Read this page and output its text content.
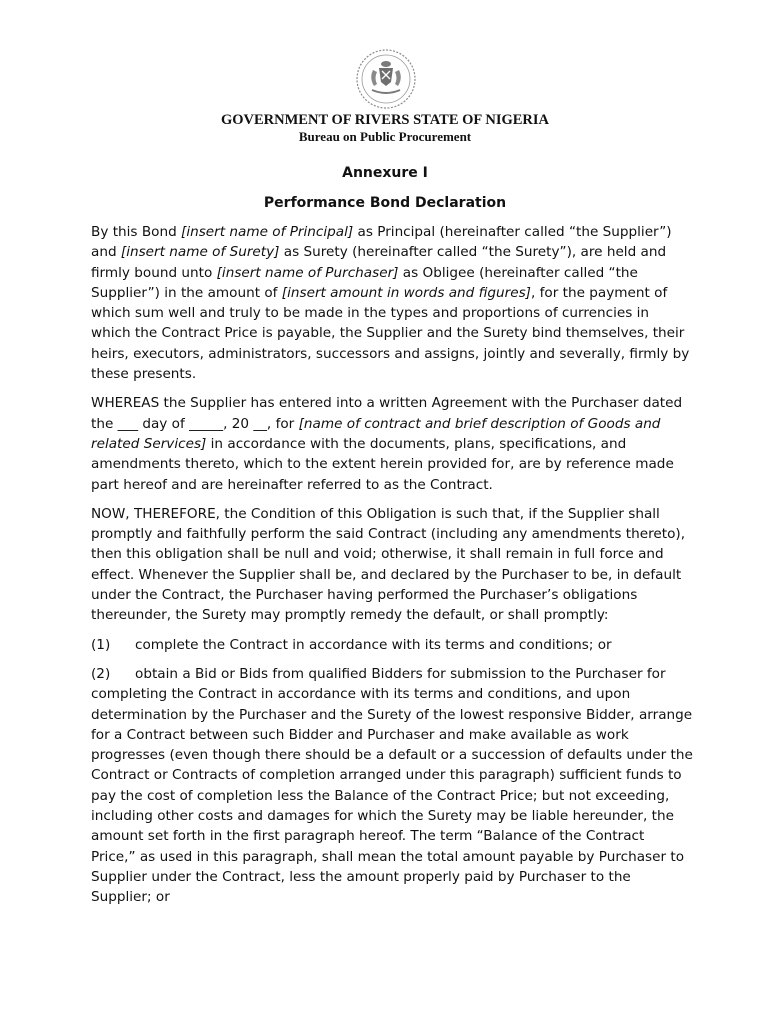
GOVERNMENT OF RIVERS STATE OF NIGERIA
Bureau on Public Procurement
Annexure I
Performance Bond Declaration

By this Bond [insert name of Principal] as Principal (hereinafter called “the Supplier”)
and [insert name of Surety] as Surety (hereinafter called “the Surety”), are held and
firmly bound unto [insert name of Purchaser] as Obligee (hereinafter called “the
Supplier”) in the amount of [insert amount in words and figures], for the payment of
which sum well and truly to be made in the types and proportions of currencies in
which the Contract Price is payable, the Supplier and the Surety bind themselves, their
heirs, executors, administrators, successors and assigns, jointly and severally, firmly by
these presents.

WHEREAS the Supplier has entered into a written Agreement with the Purchaser dated
the ___ day of _____, 20 __, for [name of contract and brief description of Goods and
related Services] in accordance with the documents, plans, specifications, and
amendments thereto, which to the extent herein provided for, are by reference made
part hereof and are hereinafter referred to as the Contract.

NOW, THEREFORE, the Condition of this Obligation is such that, if the Supplier shall
promptly and faithfully perform the said Contract (including any amendments thereto),
then this obligation shall be null and void; otherwise, it shall remain in full force and
effect. Whenever the Supplier shall be, and declared by the Purchaser to be, in default
under the Contract, the Purchaser having performed the Purchaser’s obligations
thereunder, the Surety may promptly remedy the default, or shall promptly:

(1) complete the Contract in accordance with its terms and conditions; or

(2) obtain a Bid or Bids from qualified Bidders for submission to the Purchaser for
completing the Contract in accordance with its terms and conditions, and upon
determination by the Purchaser and the Surety of the lowest responsive Bidder, arrange
for a Contract between such Bidder and Purchaser and make available as work
progresses (even though there should be a default or a succession of defaults under the
Contract or Contracts of completion arranged under this paragraph) sufficient funds to
pay the cost of completion less the Balance of the Contract Price; but not exceeding,
including other costs and damages for which the Surety may be liable hereunder, the
amount set forth in the first paragraph hereof. The term “Balance of the Contract
Price,” as used in this paragraph, shall mean the total amount payable by Purchaser to
Supplier under the Contract, less the amount properly paid by Purchaser to the
Supplier; or
